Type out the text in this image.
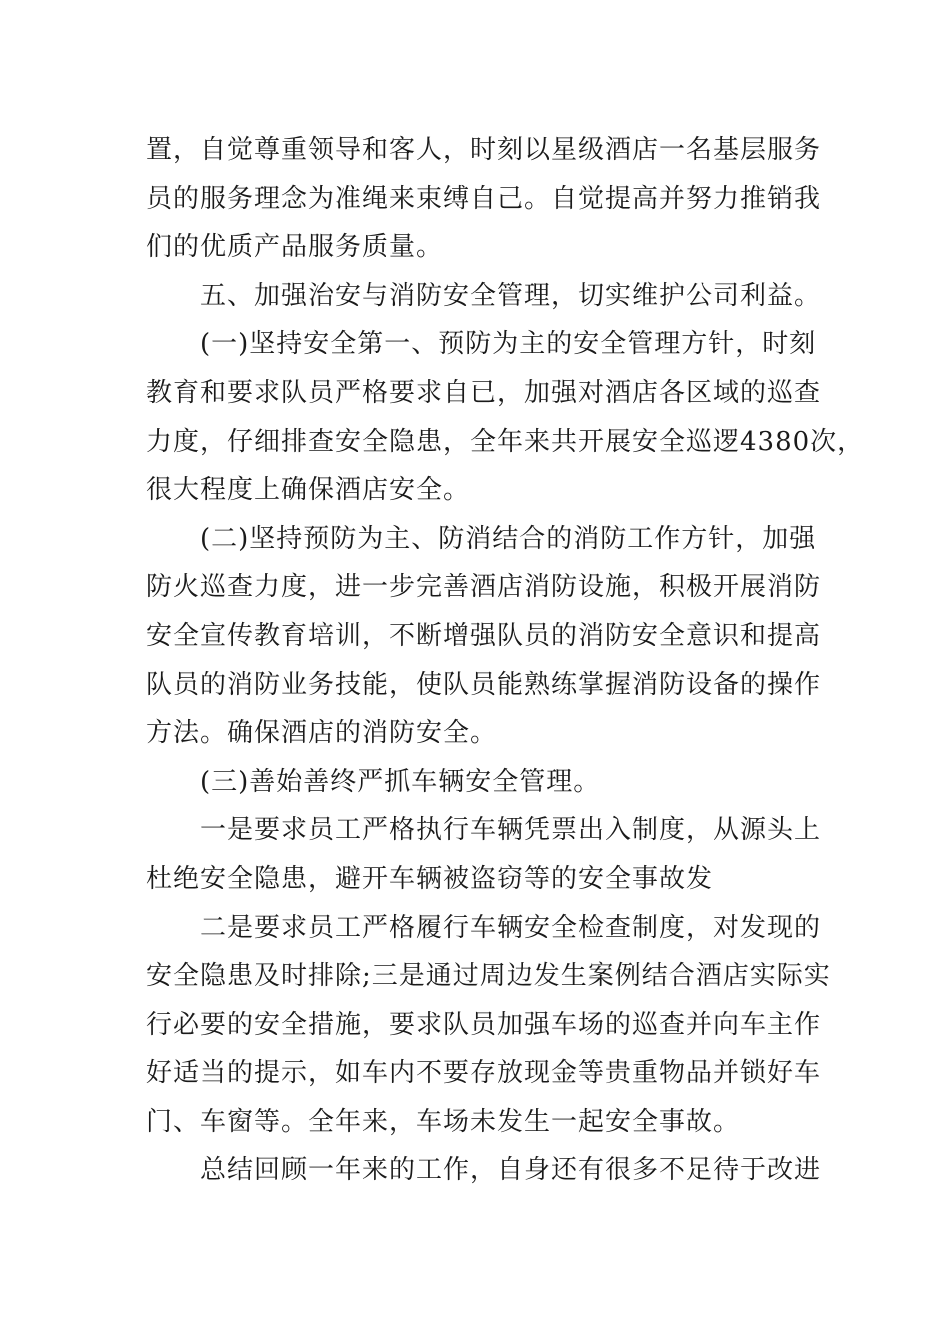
置，自觉尊重领导和客人，时刻以星级酒店一名基层服务
员的服务理念为准绳来束缚自己。自觉提高并努力推销我
们的优质产品服务质量。
五、加强治安与消防安全管理，切实维护公司利益。
(一)坚持安全第一、预防为主的安全管理方针，时刻
教育和要求队员严格要求自已，加强对酒店各区域的巡查
力度，仔细排查安全隐患，全年来共开展安全巡逻4380次，
很大程度上确保酒店安全。
(二)坚持预防为主、防消结合的消防工作方针，加强
防火巡查力度，进一步完善酒店消防设施，积极开展消防
安全宣传教育培训，不断增强队员的消防安全意识和提高
队员的消防业务技能，使队员能熟练掌握消防设备的操作
方法。确保酒店的消防安全。
(三)善始善终严抓车辆安全管理。
一是要求员工严格执行车辆凭票出入制度，从源头上
杜绝安全隐患，避开车辆被盗窃等的安全事故发
二是要求员工严格履行车辆安全检查制度，对发现的
安全隐患及时排除;三是通过周边发生案例结合酒店实际实
行必要的安全措施，要求队员加强车场的巡查并向车主作
好适当的提示，如车内不要存放现金等贵重物品并锁好车
门、车窗等。全年来，车场未发生一起安全事故。
总结回顾一年来的工作，自身还有很多不足待于改进
